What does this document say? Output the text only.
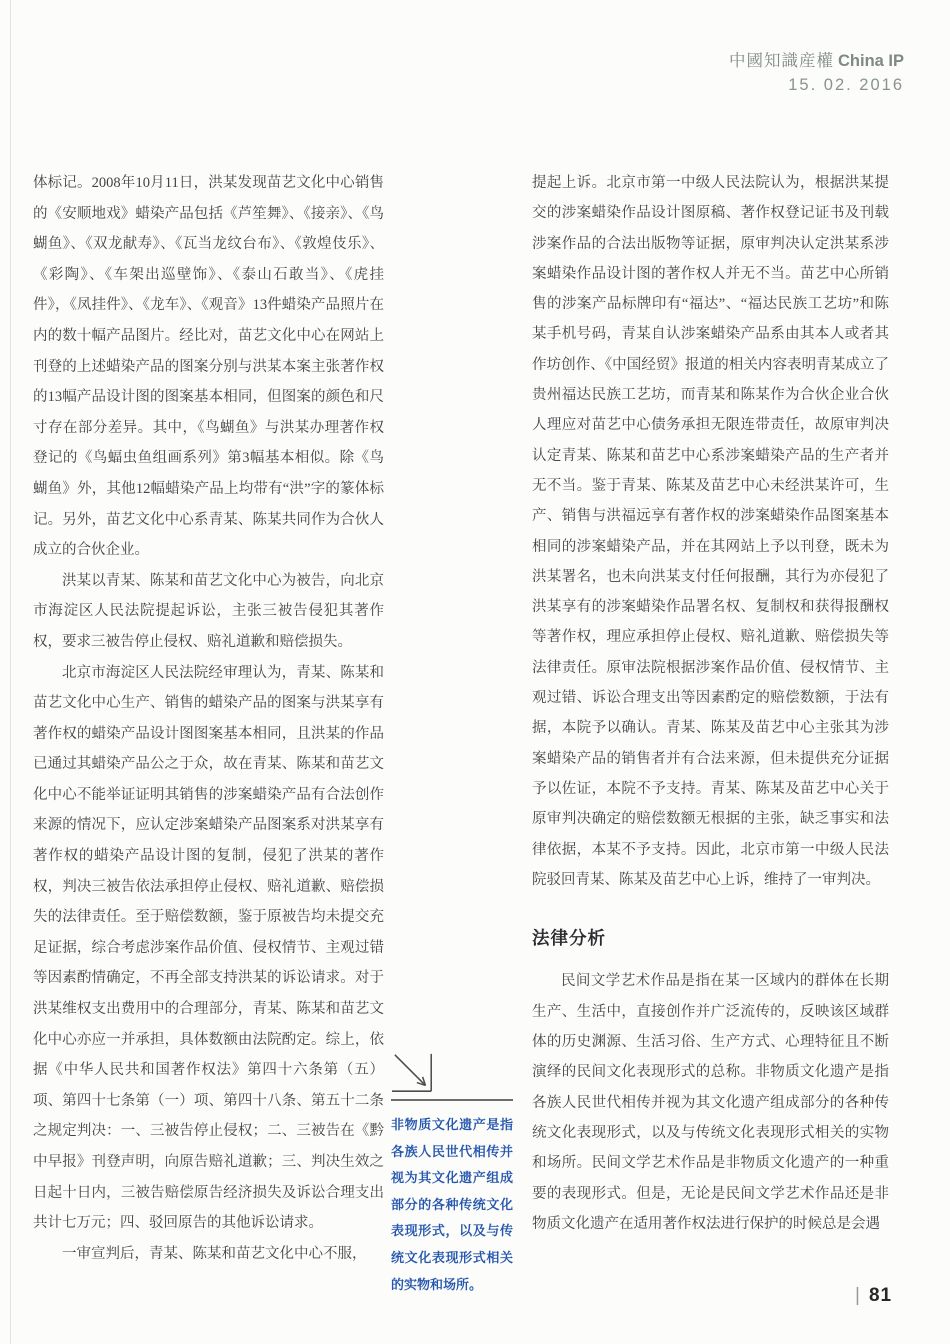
中國知識産權 China IP
15. 02. 2016

体标记。2008年10月11日，洪某发现苗艺文化中心销售的《安顺地戏》蜡染产品包括《芦笙舞》、《接亲》、《鸟蝴鱼》、《双龙献寿》、《瓦当龙纹台布》、《敦煌伎乐》、《彩陶》、《车架出巡壁饰》、《泰山石敢当》、《虎挂件》，《凤挂件》、《龙车》、《观音》13件蜡染产品照片在内的数十幅产品图片。经比对，苗艺文化中心在网站上刊登的上述蜡染产品的图案分别与洪某本案主张著作权的13幅产品设计图的图案基本相同，但图案的颜色和尺寸存在部分差异。其中，《鸟蝴鱼》与洪某办理著作权登记的《鸟蝠虫鱼组画系列》第3幅基本相似。除《鸟蝴鱼》外，其他12幅蜡染产品上均带有“洪”字的篆体标记。另外，苗艺文化中心系青某、陈某共同作为合伙人成立的合伙企业。

洪某以青某、陈某和苗艺文化中心为被告，向北京市海淀区人民法院提起诉讼，主张三被告侵犯其著作权，要求三被告停止侵权、赔礼道歉和赔偿损失。

北京市海淀区人民法院经审理认为，青某、陈某和苗艺文化中心生产、销售的蜡染产品的图案与洪某享有著作权的蜡染产品设计图图案基本相同，且洪某的作品已通过其蜡染产品公之于众，故在青某、陈某和苗艺文化中心不能举证证明其销售的涉案蜡染产品有合法创作来源的情况下，应认定涉案蜡染产品图案系对洪某享有著作权的蜡染产品设计图的复制，侵犯了洪某的著作权，判决三被告依法承担停止侵权、赔礼道歉、赔偿损失的法律责任。至于赔偿数额，鉴于原被告均未提交充足证据，综合考虑涉案作品价值、侵权情节、主观过错等因素酌情确定，不再全部支持洪某的诉讼请求。对于洪某维权支出费用中的合理部分，青某、陈某和苗艺文化中心亦应一并承担，具体数额由法院酌定。综上，依据《中华人民共和国著作权法》第四十六条第（五）项、第四十七条第（一）项、第四十八条、第五十二条之规定判决：一、三被告停止侵权；二、三被告在《黔中早报》刊登声明，向原告赔礼道歉；三、判决生效之日起十日内，三被告赔偿原告经济损失及诉讼合理支出共计七万元；四、驳回原告的其他诉讼请求。

一审宣判后，青某、陈某和苗艺文化中心不服，

非物质文化遗产是指各族人民世代相传并视为其文化遗产组成部分的各种传统文化表现形式，以及与传统文化表现形式相关的实物和场所。

提起上诉。北京市第一中级人民法院认为，根据洪某提交的涉案蜡染作品设计图原稿、著作权登记证书及刊载涉案作品的合法出版物等证据，原审判决认定洪某系涉案蜡染作品设计图的著作权人并无不当。苗艺中心所销售的涉案产品标牌印有“福达”、“福达民族工艺坊”和陈某手机号码，青某自认涉案蜡染产品系由其本人或者其作坊创作、《中国经贸》报道的相关内容表明青某成立了贵州福达民族工艺坊，而青某和陈某作为合伙企业合伙人理应对苗艺中心债务承担无限连带责任，故原审判决认定青某、陈某和苗艺中心系涉案蜡染产品的生产者并无不当。鉴于青某、陈某及苗艺中心未经洪某许可，生产、销售与洪福远享有著作权的涉案蜡染作品图案基本相同的涉案蜡染产品，并在其网站上予以刊登，既未为洪某署名，也未向洪某支付任何报酬，其行为亦侵犯了洪某享有的涉案蜡染作品署名权、复制权和获得报酬权等著作权，理应承担停止侵权、赔礼道歉、赔偿损失等法律责任。原审法院根据涉案作品价值、侵权情节、主观过错、诉讼合理支出等因素酌定的赔偿数额，于法有据，本院予以确认。青某、陈某及苗艺中心主张其为涉案蜡染产品的销售者并有合法来源，但未提供充分证据予以佐证，本院不予支持。青某、陈某及苗艺中心关于原审判决确定的赔偿数额无根据的主张，缺乏事实和法律依据，本某不予支持。因此，北京市第一中级人民法院驳回青某、陈某及苗艺中心上诉，维持了一审判决。

法律分析

民间文学艺术作品是指在某一区域内的群体在长期生产、生活中，直接创作并广泛流传的，反映该区域群体的历史渊源、生活习俗、生产方式、心理特征且不断演绎的民间文化表现形式的总称。非物质文化遗产是指各族人民世代相传并视为其文化遗产组成部分的各种传统文化表现形式，以及与传统文化表现形式相关的实物和场所。民间文学艺术作品是非物质文化遗产的一种重要的表现形式。但是，无论是民间文学艺术作品还是非物质文化遗产在适用著作权法进行保护的时候总是会遇

| 81
